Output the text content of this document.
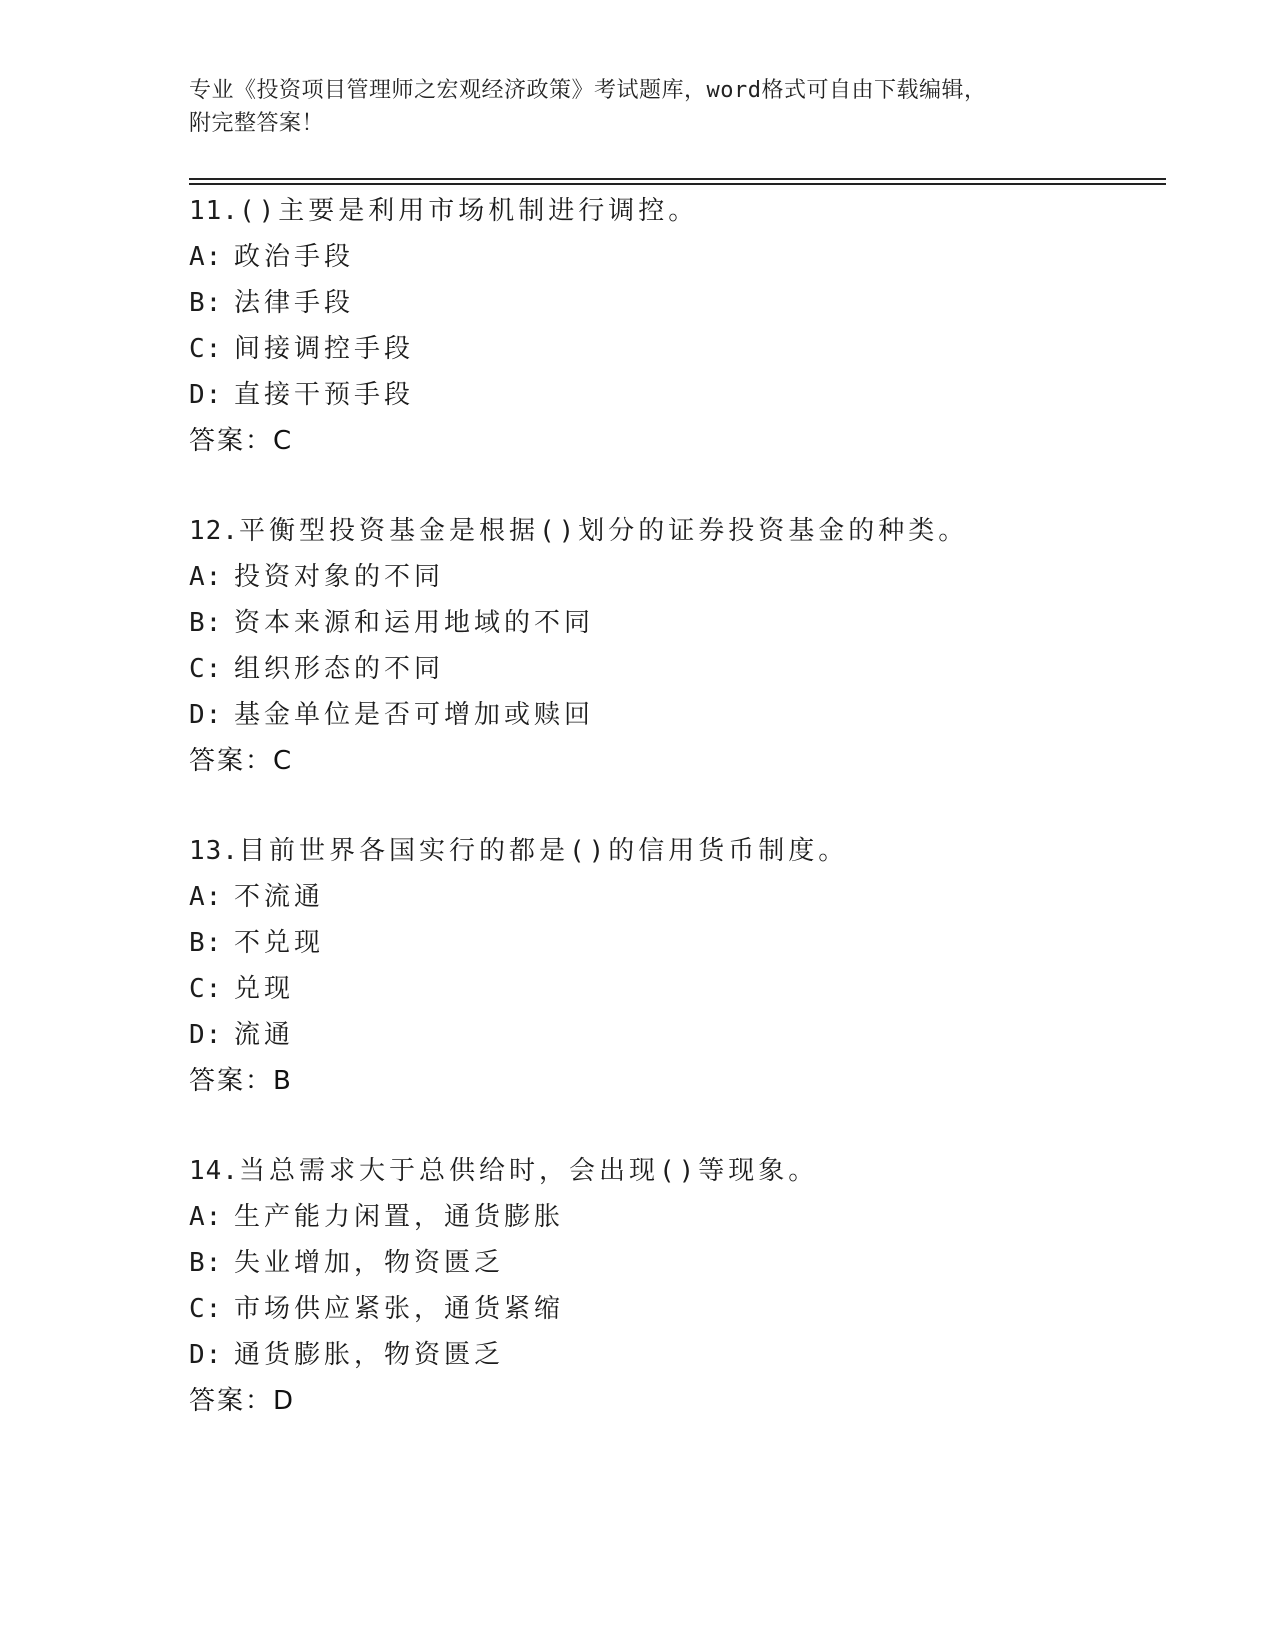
专业《投资项目管理师之宏观经济政策》考试题库，word格式可自由下载编辑，
附完整答案！
11.()主要是利用市场机制进行调控。
A: 政治手段
B: 法律手段
C: 间接调控手段
D: 直接干预手段
答案：C
12.平衡型投资基金是根据()划分的证券投资基金的种类。
A: 投资对象的不同
B: 资本来源和运用地域的不同
C: 组织形态的不同
D: 基金单位是否可增加或赎回
答案：C
13.目前世界各国实行的都是()的信用货币制度。
A: 不流通
B: 不兑现
C: 兑现
D: 流通
答案：B
14.当总需求大于总供给时，会出现()等现象。
A: 生产能力闲置，通货膨胀
B: 失业增加，物资匮乏
C: 市场供应紧张，通货紧缩
D: 通货膨胀，物资匮乏
答案：D
